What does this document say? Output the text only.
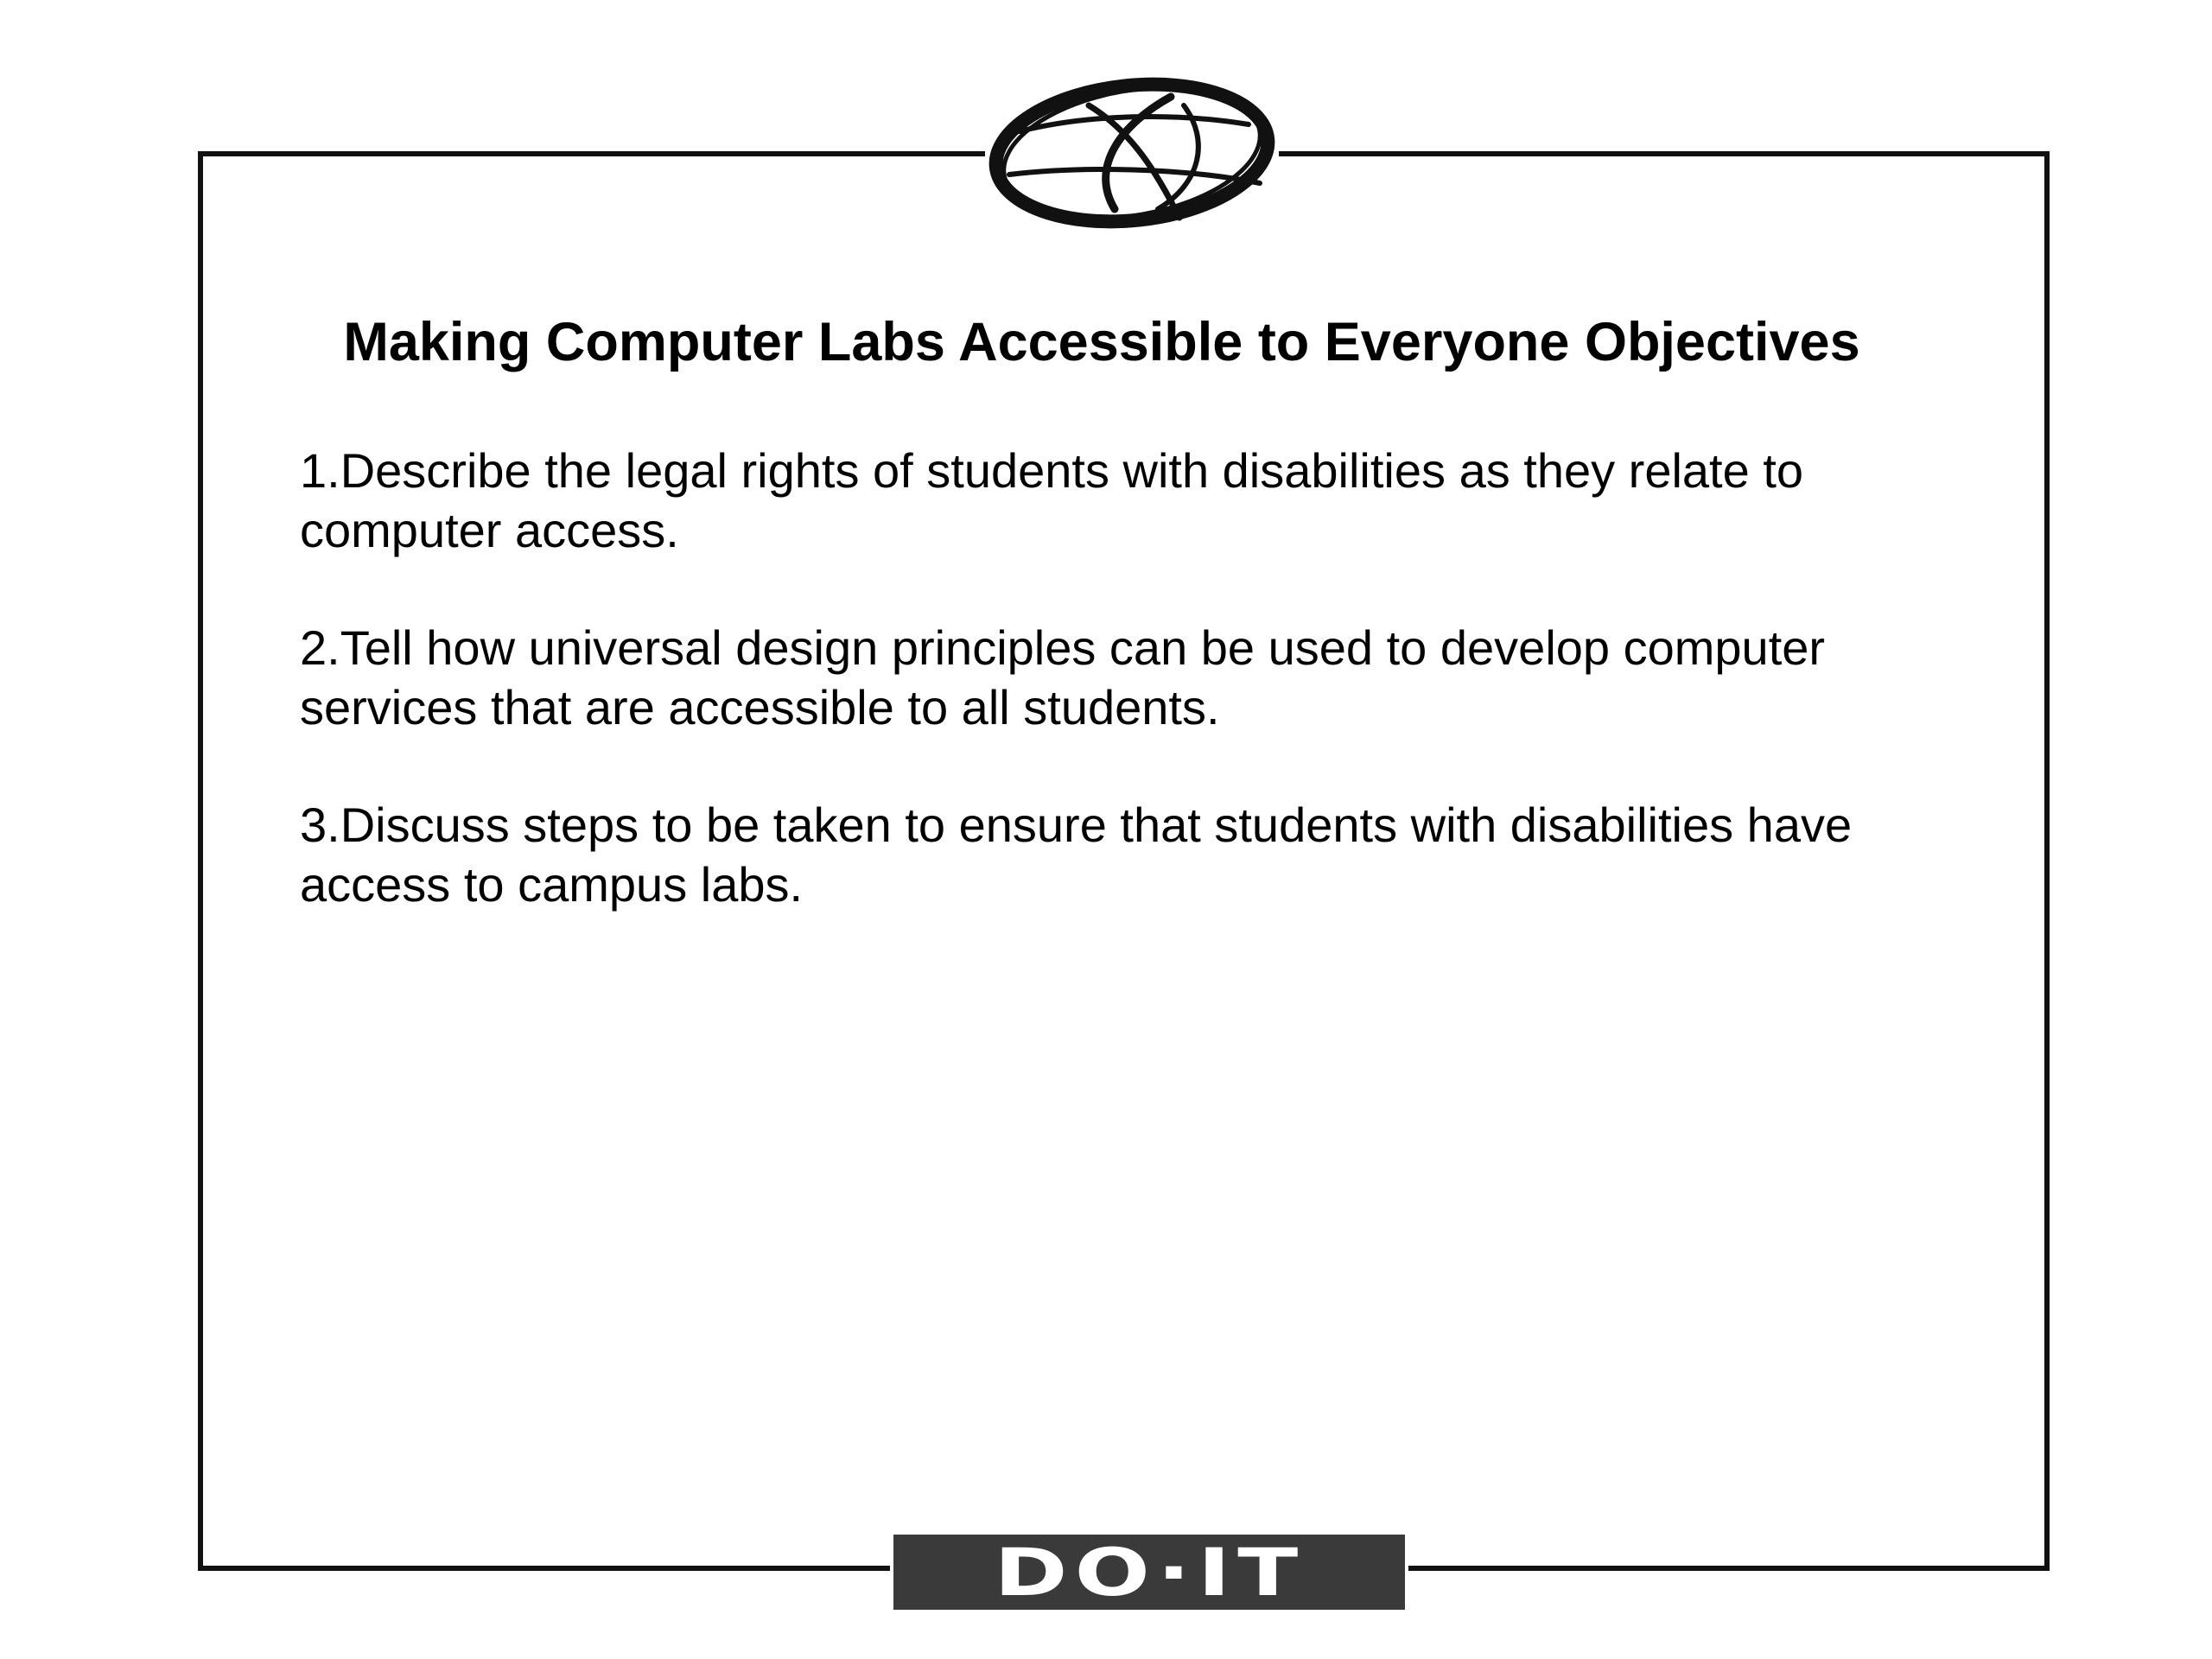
Making Computer Labs Accessible to Everyone Objectives
1.Describe the legal rights of students with disabilities as they relate to computer access.
2.Tell how universal design principles can be used to develop computer services that are accessible to all students.
3.Discuss steps to be taken to ensure that students with disabilities have access to campus labs.
DO·IT
